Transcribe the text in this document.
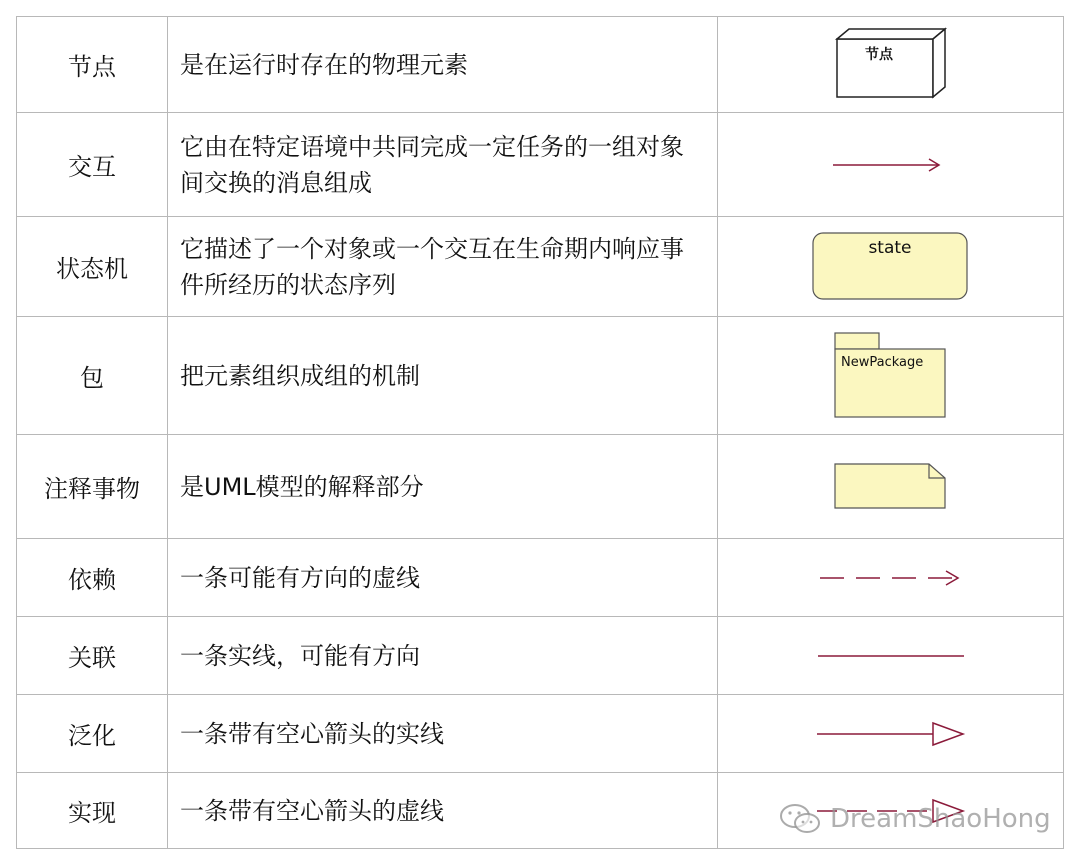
节点	是在运行时存在的物理元素	节点

交互	它由在特定语境中共同完成一定任务的一组对象间交换的消息组成	

状态机	它描述了一个对象或一个交互在生命期内响应事件所经历的状态序列	state

包	把元素组织成组的机制	NewPackage

注释事物	是UML模型的解释部分	

依赖	一条可能有方向的虚线	

关联	一条实线，可能有方向	

泛化	一条带有空心箭头的实线	

实现	一条带有空心箭头的虚线		DreamShaoHong
